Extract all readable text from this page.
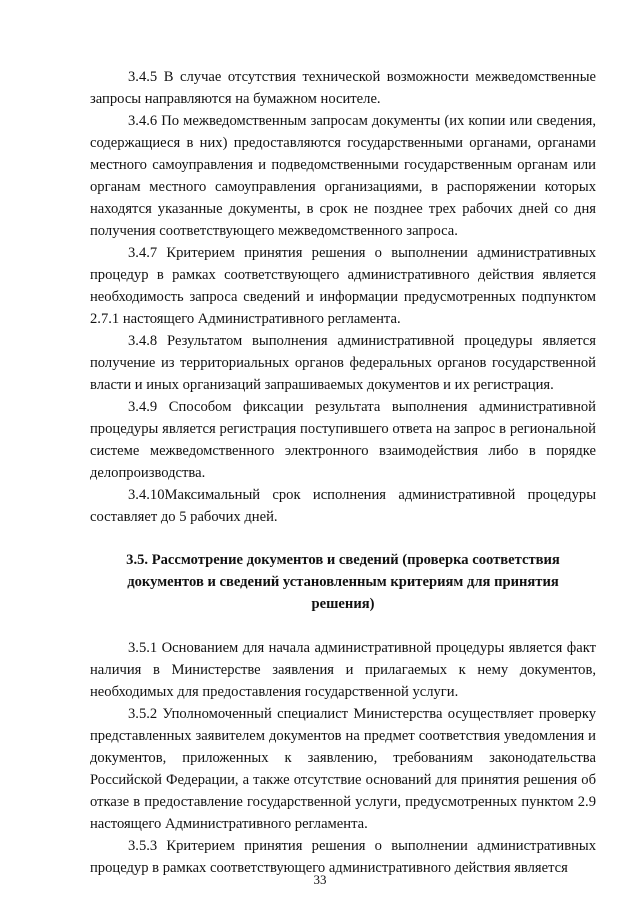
3.4.5 В случае отсутствия технической возможности межведомственные запросы направляются на бумажном носителе.

3.4.6 По межведомственным запросам документы (их копии или сведения, содержащиеся в них) предоставляются государственными органами, органами местного самоуправления и подведомственными государственным органам или органам местного самоуправления организациями, в распоряжении которых находятся указанные документы, в срок не позднее трех рабочих дней со дня получения соответствующего межведомственного запроса.

3.4.7 Критерием принятия решения о выполнении административных процедур в рамках соответствующего административного действия является необходимость запроса сведений и информации предусмотренных подпунктом 2.7.1 настоящего Административного регламента.

3.4.8 Результатом выполнения административной процедуры является получение из территориальных органов федеральных органов государственной власти и иных организаций запрашиваемых документов и их регистрация.

3.4.9 Способом фиксации результата выполнения административной процедуры является регистрация поступившего ответа на запрос в региональной системе межведомственного электронного взаимодействия либо в порядке делопроизводства.

3.4.10Максимальный срок исполнения административной процедуры составляет до 5 рабочих дней.

3.5. Рассмотрение документов и сведений (проверка соответствия
документов и сведений установленным критериям для принятия
решения)

3.5.1 Основанием для начала административной процедуры является факт наличия в Министерстве заявления и прилагаемых к нему документов, необходимых для предоставления государственной услуги.

3.5.2 Уполномоченный специалист Министерства осуществляет проверку представленных заявителем документов на предмет соответствия уведомления и документов, приложенных к заявлению, требованиям законодательства Российской Федерации, а также отсутствие оснований для принятия решения об отказе в предоставление государственной услуги, предусмотренных пунктом 2.9 настоящего Административного регламента.

3.5.3 Критерием принятия решения о выполнении административных процедур в рамках соответствующего административного действия является

33
